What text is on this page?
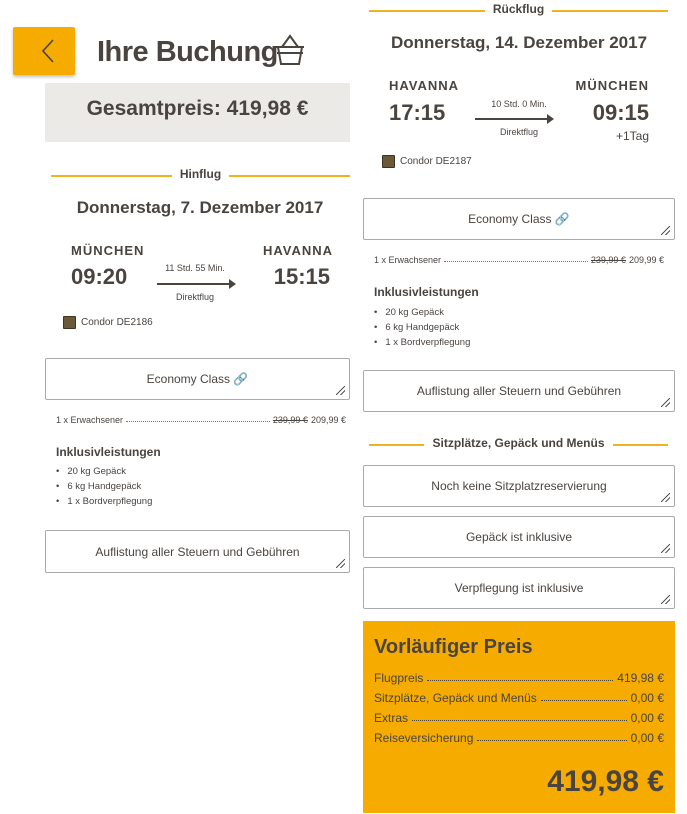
Ihre Buchung
Gesamtpreis: 419,98 €
Hinflug
Donnerstag, 7. Dezember 2017
MÜNCHEN
09:20
HAVANNA
15:15
11 Std. 55 Min.
Direktflug
Condor DE2186
Economy Class
🔗
1 x Erwachsener	239,99 € 209,99 €
Inklusivleistungen
• 20 kg Gepäck
• 6 kg Handgepäck
• 1 x Bordverpflegung
Auflistung aller Steuern und Gebühren
Rückflug
Donnerstag, 14. Dezember 2017
HAVANNA
17:15
MÜNCHEN
09:15
+1Tag
10 Std. 0 Min.
Direktflug
Condor DE2187
Economy Class
🔗
1 x Erwachsener	239,99 € 209,99 €
Inklusivleistungen
• 20 kg Gepäck
• 6 kg Handgepäck
• 1 x Bordverpflegung
Auflistung aller Steuern und Gebühren
Sitzplätze, Gepäck und Menüs
Noch keine Sitzplatzreservierung
Gepäck ist inklusive
Verpflegung ist inklusive
Vorläufiger Preis
Flugpreis	419,98 €
Sitzplätze, Gepäck und Menüs	0,00 €
Extras	0,00 €
Reiseversicherung	0,00 €
419,98 €
